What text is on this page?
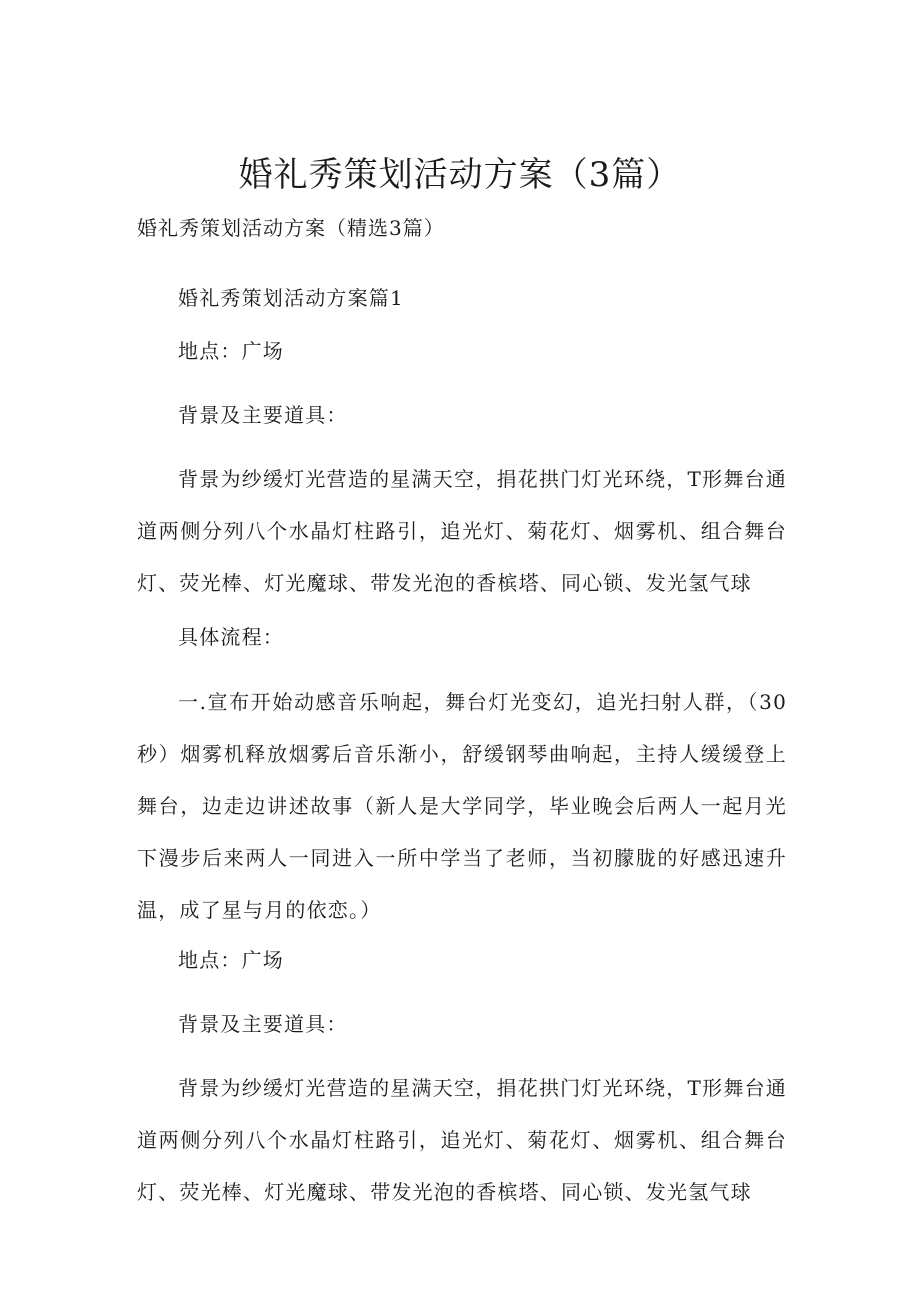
婚礼秀策划活动方案（3篇）
婚礼秀策划活动方案（精选3篇）

婚礼秀策划活动方案篇1

地点：广场

背景及主要道具：

背景为纱缓灯光营造的星满天空，捐花拱门灯光环绕，T形舞台通道两侧分列八个水晶灯柱路引，追光灯、菊花灯、烟雾机、组合舞台灯、荧光棒、灯光魔球、带发光泡的香槟塔、同心锁、发光氢气球

具体流程：

一.宣布开始动感音乐响起，舞台灯光变幻，追光扫射人群，（30秒）烟雾机释放烟雾后音乐渐小，舒缓钢琴曲响起，主持人缓缓登上舞台，边走边讲述故事（新人是大学同学，毕业晚会后两人一起月光下漫步后来两人一同进入一所中学当了老师，当初朦胧的好感迅速升温，成了星与月的依恋。）

地点：广场

背景及主要道具：

背景为纱缓灯光营造的星满天空，捐花拱门灯光环绕，T形舞台通道两侧分列八个水晶灯柱路引，追光灯、菊花灯、烟雾机、组合舞台灯、荧光棒、灯光魔球、带发光泡的香槟塔、同心锁、发光氢气球
